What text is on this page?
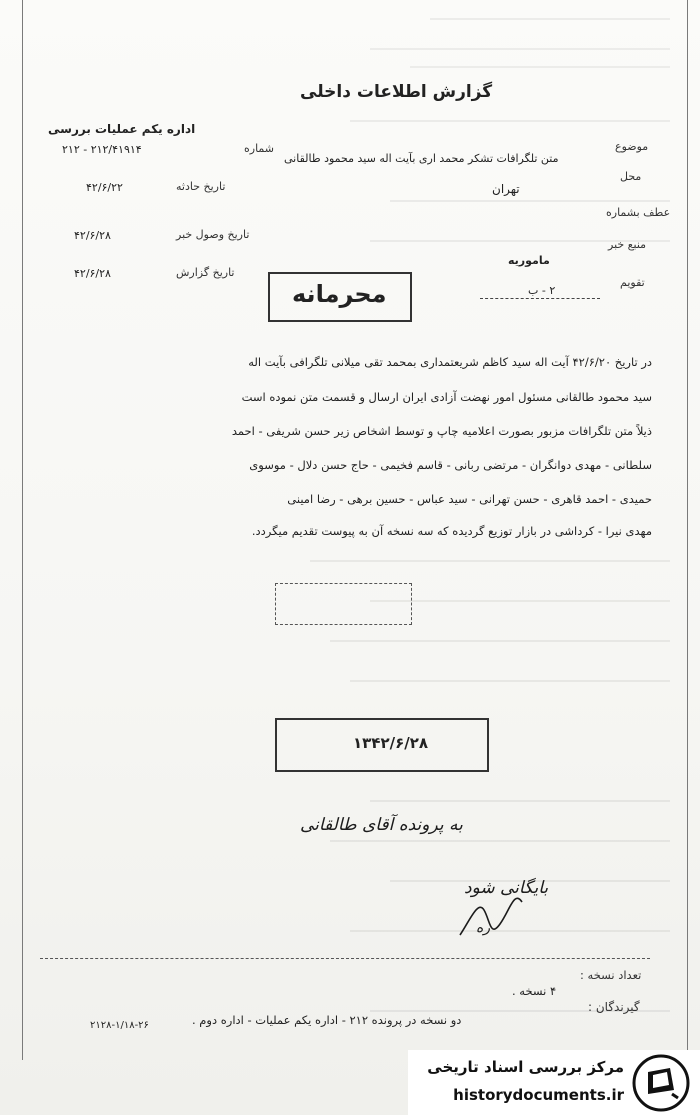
گزارش اطلاعات داخلی
اداره یکم عملیات بررسی
شماره
۲۱۲/۴۱۹۱۴ - ۲۱۲
تاریخ حادثه
۴۲/۶/۲۲
تاریخ وصول خبر
۴۲/۶/۲۸
تاریخ گزارش
۴۲/۶/۲۸
موضوع
متن تلگرافات تشکر محمد اری بآیت اله سید محمود طالقانی
محل
تهران
عطف بشماره
منبع خبر
ماموریه
تقویم
۲ - ب
محرمانه

در تاریخ ۴۲/۶/۲۰ آیت اله سید کاظم شریعتمداری بمحمد تقی میلانی تلگرافی بآیت اله

سید محمود طالقانی مسئول امور نهضت آزادی ایران ارسال و قسمت متن نموده است

ذیلاً متن تلگرافات مزبور بصورت اعلامیه چاپ و توسط اشخاص زیر حسن شریفی - احمد

سلطانی - مهدی دوانگران - مرتضی ربانی - قاسم فخیمی - حاج حسن دلال - موسوی

حمیدی - احمد قاهری - حسن تهرانی - سید عباس - حسین برهی - رضا امینی

مهدی نیرا - کرداشی در بازار توزیع گردیده که سه نسخه آن به پیوست تقدیم میگردد.

۱۳۴۲/۶/۲۸
به پرونده آقای طالقانی
بایگانی شود
ره
تعداد نسخه :
۴ نسخه .
گیرندگان :
دو نسخه در پرونده ۲۱۲ - اداره یکم عملیات - اداره دوم .
۲۱۲۸-۱/۱۸-۲۶
مرکز بررسی اسناد تاریخی
historydocuments.ir
